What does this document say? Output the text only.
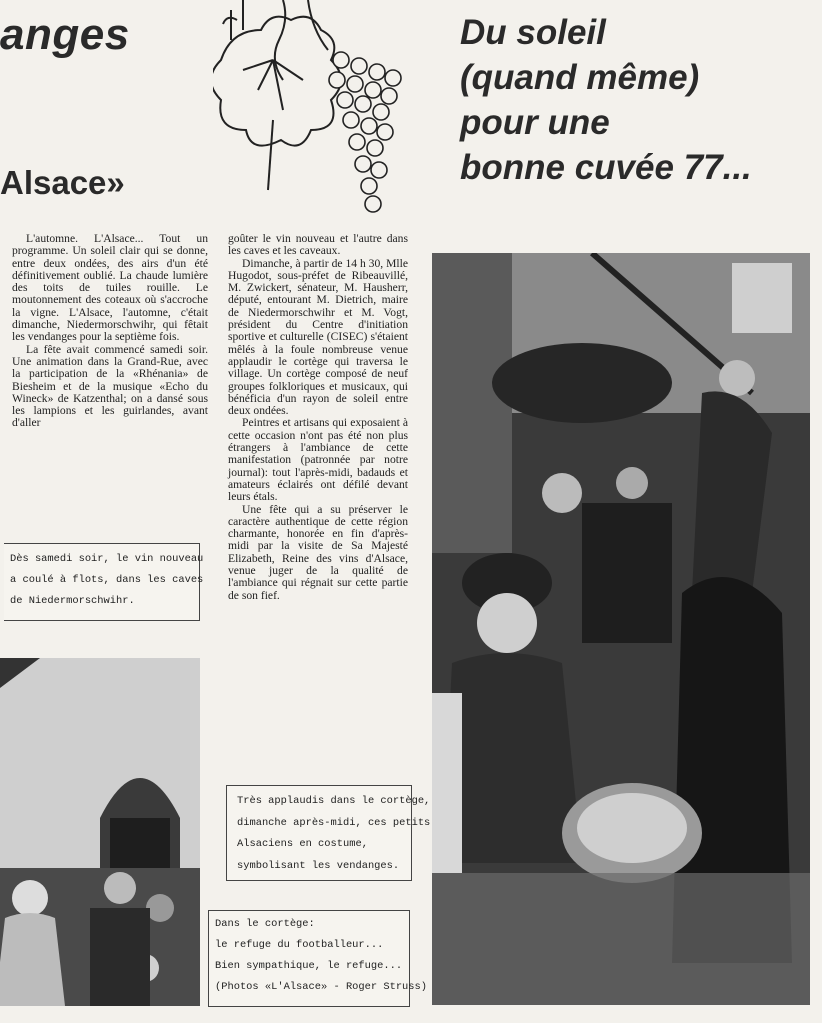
anges
Alsace»
Du soleil
(quand même)
pour une
bonne cuvée 77...

L'automne. L'Alsace... Tout un programme. Un soleil clair qui se donne, entre deux ondées, des airs d'un été définitivement oublié. La chaude lumière des toits de tuiles rouille. Le moutonnement des coteaux où s'accroche la vigne. L'Alsace, l'automne, c'était dimanche, Niedermorschwihr, qui fêtait les vendanges pour la septième fois.

La fête avait commencé samedi soir. Une animation dans la Grand-Rue, avec la participation de la «Rhénania» de Biesheim et de la musique «Echo du Wineck» de Katzenthal; on a dansé sous les lampions et les guirlandes, avant d'aller

goûter le vin nouveau et l'autre dans les caves et les caveaux.

Dimanche, à partir de 14 h 30, Mlle Hugodot, sous-préfet de Ribeauvillé, M. Zwickert, sénateur, M. Hausherr, député, entourant M. Dietrich, maire de Niedermorschwihr et M. Vogt, président du Centre d'initiation sportive et culturelle (CISEC) s'étaient mêlés à la foule nombreuse venue applaudir le cortège qui traversa le village. Un cortège composé de neuf groupes folkloriques et musicaux, qui bénéficia d'un rayon de soleil entre deux ondées.

Peintres et artisans qui exposaient à cette occasion n'ont pas été non plus étrangers à l'ambiance de cette manifestation (patronnée par notre journal): tout l'après-midi, badauds et amateurs éclairés ont défilé devant leurs étals.

Une fête qui a su préserver le caractère authentique de cette région charmante, honorée en fin d'après-midi par la visite de Sa Majesté Elizabeth, Reine des vins d'Alsace, venue juger de la qualité de l'ambiance qui régnait sur cette partie de son fief.

Dès samedi soir, le vin nouveau
a coulé à flots, dans les caves
de Niedermorschwihr.
Très applaudis dans le cortège,
dimanche après-midi, ces petits
Alsaciens en costume,
symbolisant les vendanges.
Dans le cortège:
le refuge du footballeur...
Bien sympathique, le refuge...
(Photos «L'Alsace» - Roger Struss)
